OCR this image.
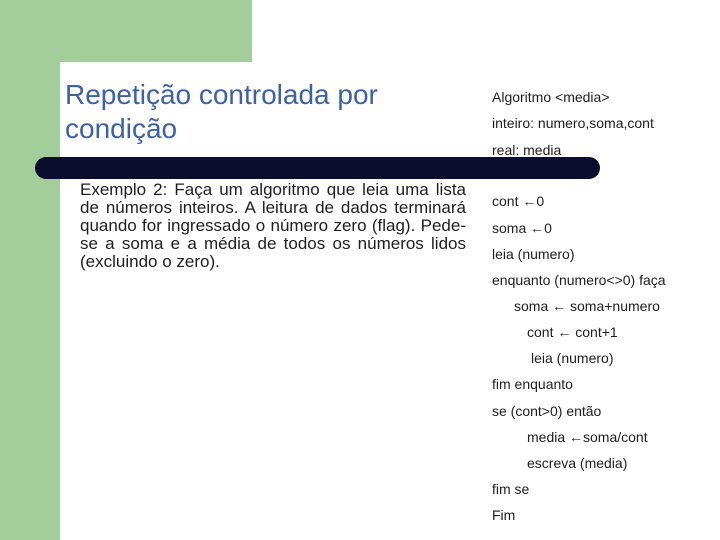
Repetição controlada por condição
Exemplo 2: Faça um algoritmo que leia uma lista de números inteiros. A leitura de dados terminará quando for ingressado o número zero (flag). Pede-se a soma e a média de todos os números lidos (excluindo o zero).
Algoritmo <media>
inteiro: numero,soma,cont
real: media
cont ←0
soma ←0
leia (numero)
enquanto (numero<>0) faça
soma ← soma+numero
cont ← cont+1
leia (numero)
fim enquanto
se (cont>0) então
media ←soma/cont
escreva (media)
fim se
Fim
